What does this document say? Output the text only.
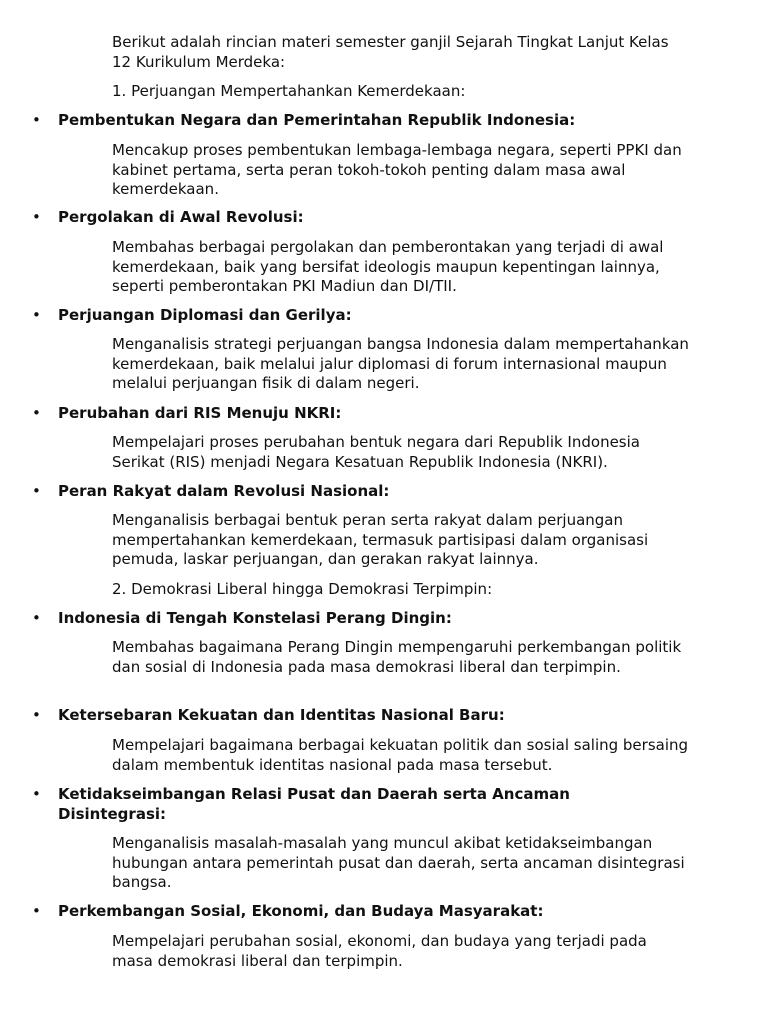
Berikut adalah rincian materi semester ganjil Sejarah Tingkat Lanjut Kelas 12 Kurikulum Merdeka:

1. Perjuangan Mempertahankan Kemerdekaan:

• Pembentukan Negara dan Pemerintahan Republik Indonesia:

Mencakup proses pembentukan lembaga-lembaga negara, seperti PPKI dan kabinet pertama, serta peran tokoh-tokoh penting dalam masa awal kemerdekaan.

• Pergolakan di Awal Revolusi:

Membahas berbagai pergolakan dan pemberontakan yang terjadi di awal kemerdekaan, baik yang bersifat ideologis maupun kepentingan lainnya, seperti pemberontakan PKI Madiun dan DI/TII.

• Perjuangan Diplomasi dan Gerilya:

Menganalisis strategi perjuangan bangsa Indonesia dalam mempertahankan kemerdekaan, baik melalui jalur diplomasi di forum internasional maupun melalui perjuangan fisik di dalam negeri.

• Perubahan dari RIS Menuju NKRI:

Mempelajari proses perubahan bentuk negara dari Republik Indonesia Serikat (RIS) menjadi Negara Kesatuan Republik Indonesia (NKRI).

• Peran Rakyat dalam Revolusi Nasional:

Menganalisis berbagai bentuk peran serta rakyat dalam perjuangan mempertahankan kemerdekaan, termasuk partisipasi dalam organisasi pemuda, laskar perjuangan, dan gerakan rakyat lainnya.

2. Demokrasi Liberal hingga Demokrasi Terpimpin:

• Indonesia di Tengah Konstelasi Perang Dingin:

Membahas bagaimana Perang Dingin mempengaruhi perkembangan politik dan sosial di Indonesia pada masa demokrasi liberal dan terpimpin.

• Ketersebaran Kekuatan dan Identitas Nasional Baru:

Mempelajari bagaimana berbagai kekuatan politik dan sosial saling bersaing dalam membentuk identitas nasional pada masa tersebut.

• Ketidakseimbangan Relasi Pusat dan Daerah serta Ancaman Disintegrasi:

Menganalisis masalah-masalah yang muncul akibat ketidakseimbangan hubungan antara pemerintah pusat dan daerah, serta ancaman disintegrasi bangsa.

• Perkembangan Sosial, Ekonomi, dan Budaya Masyarakat:

Mempelajari perubahan sosial, ekonomi, dan budaya yang terjadi pada masa demokrasi liberal dan terpimpin.
